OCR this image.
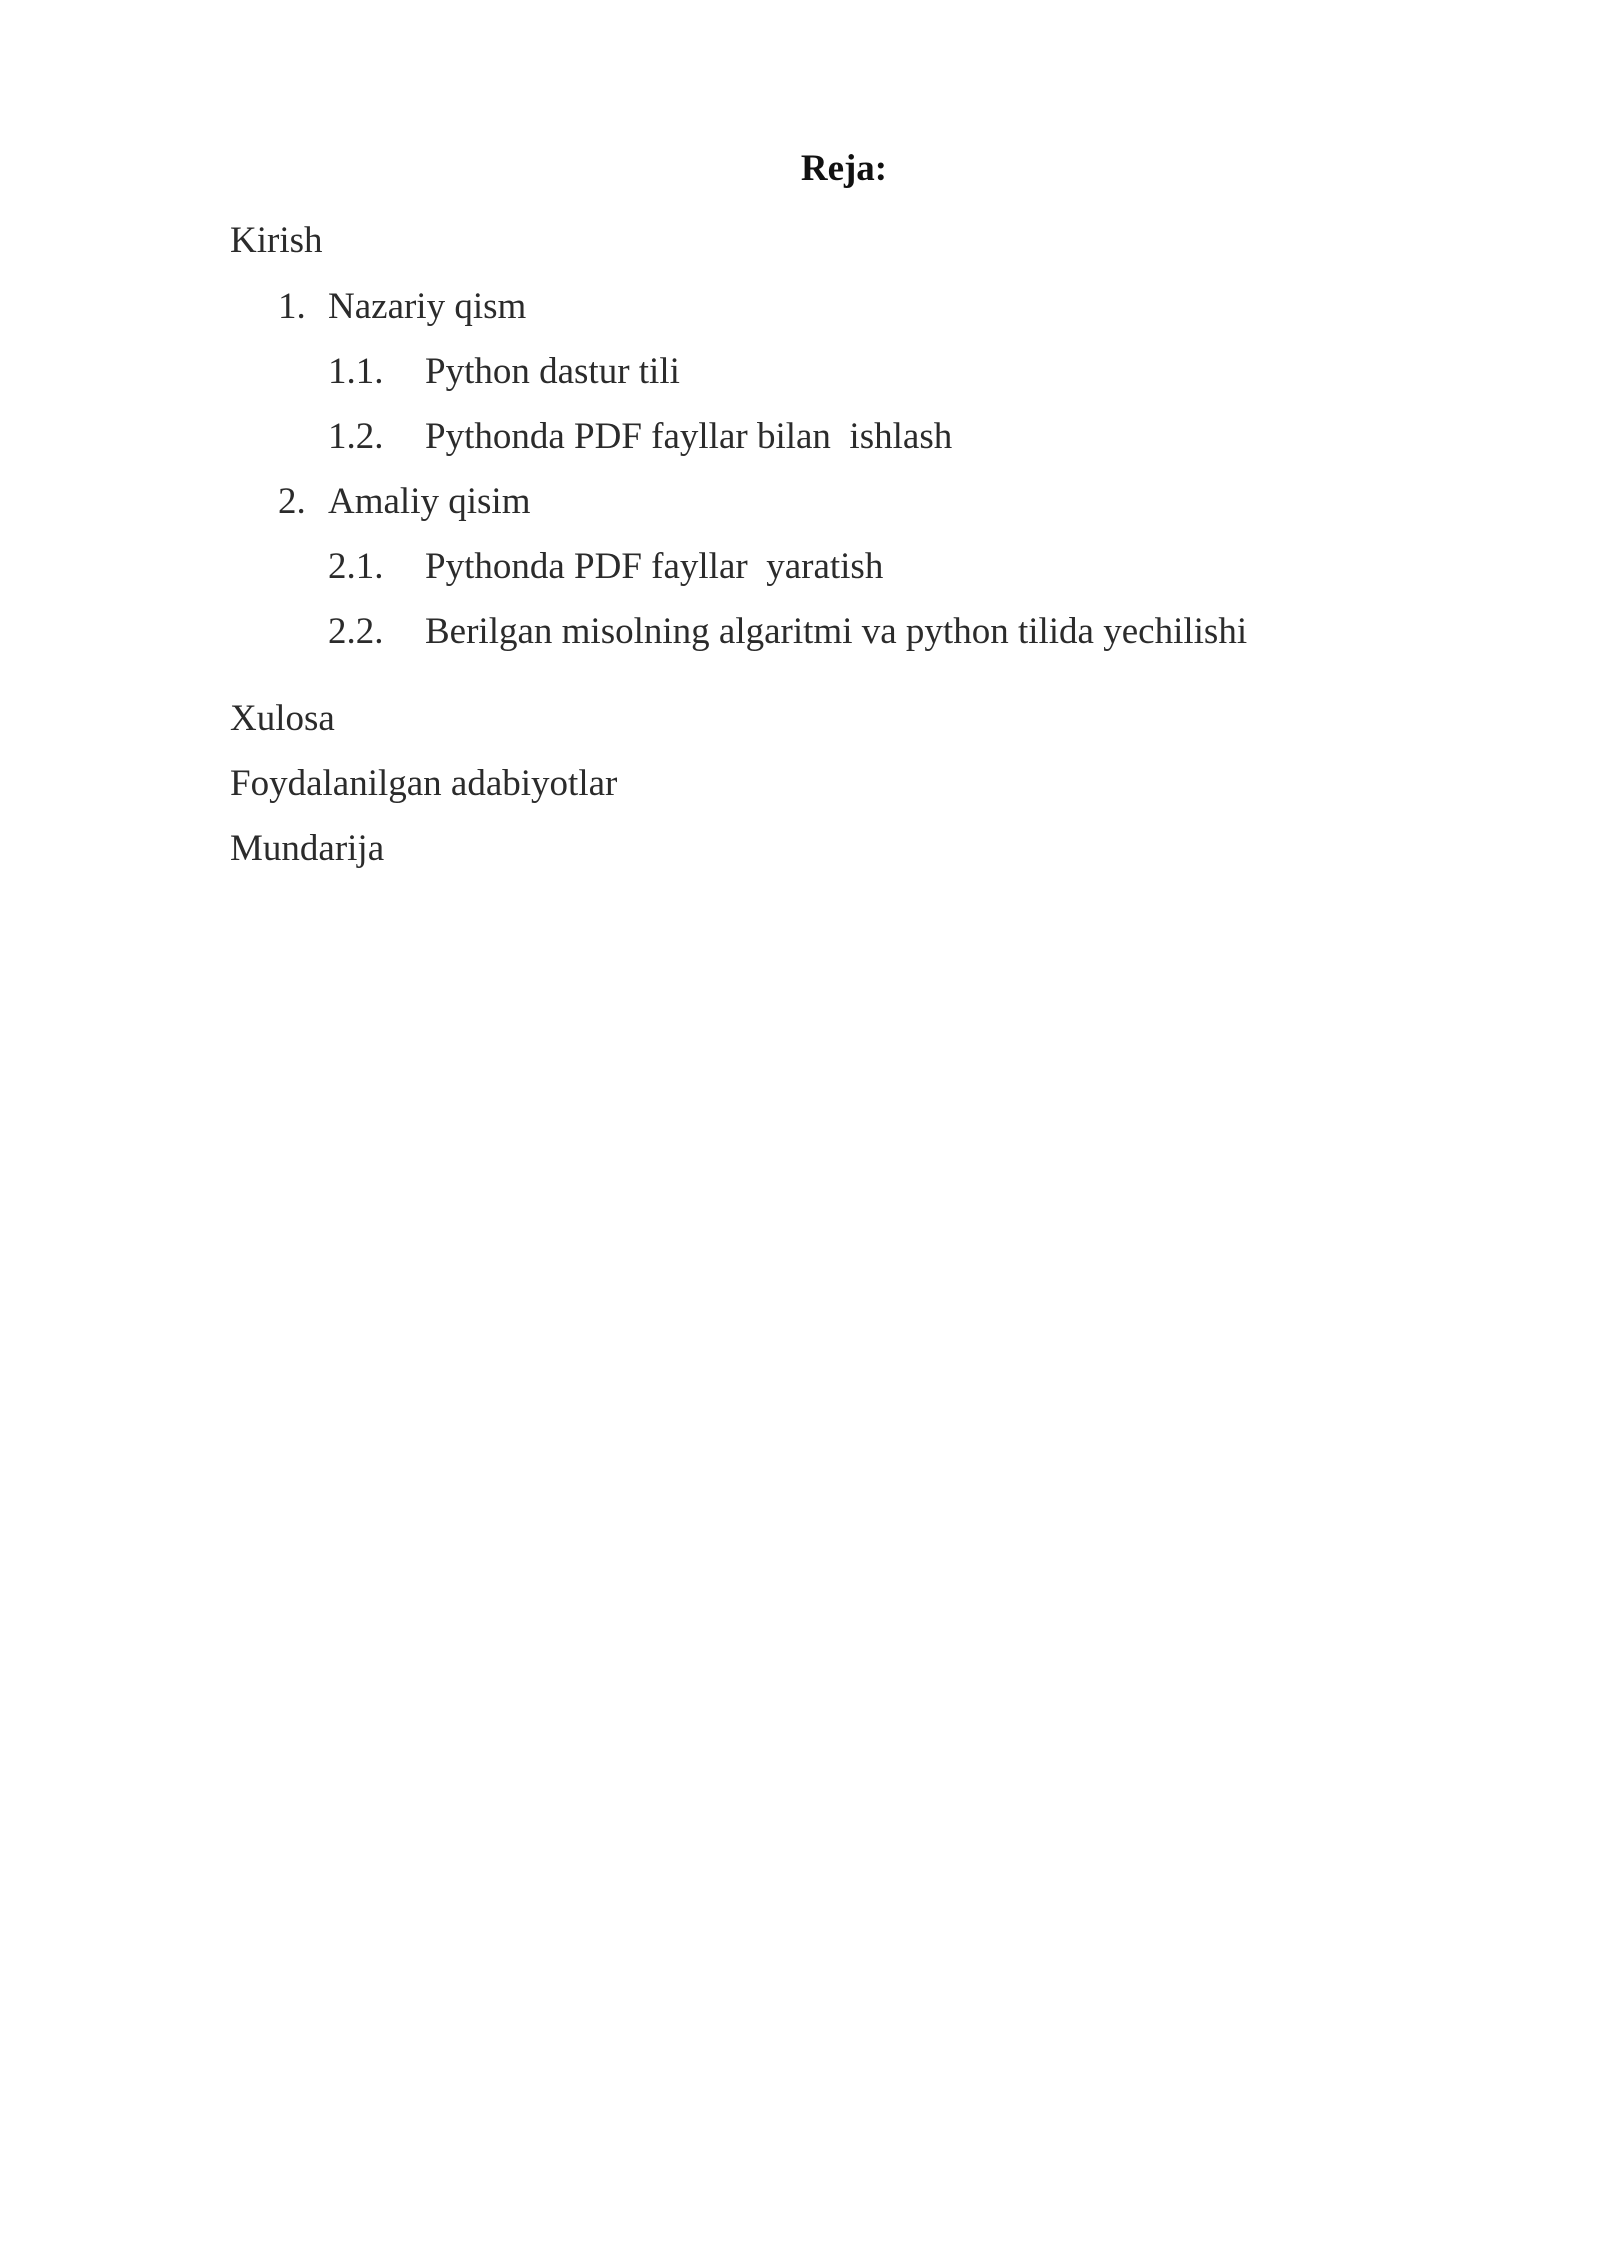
Reja:
Kirish
1. Nazariy qism
1.1. Python dastur tili
1.2. Pythonda PDF fayllar bilan  ishlash
2. Amaliy qisim
2.1. Pythonda PDF fayllar  yaratish
2.2. Berilgan misolning algaritmi va python tilida yechilishi
Xulosa
Foydalanilgan adabiyotlar
Mundarija
